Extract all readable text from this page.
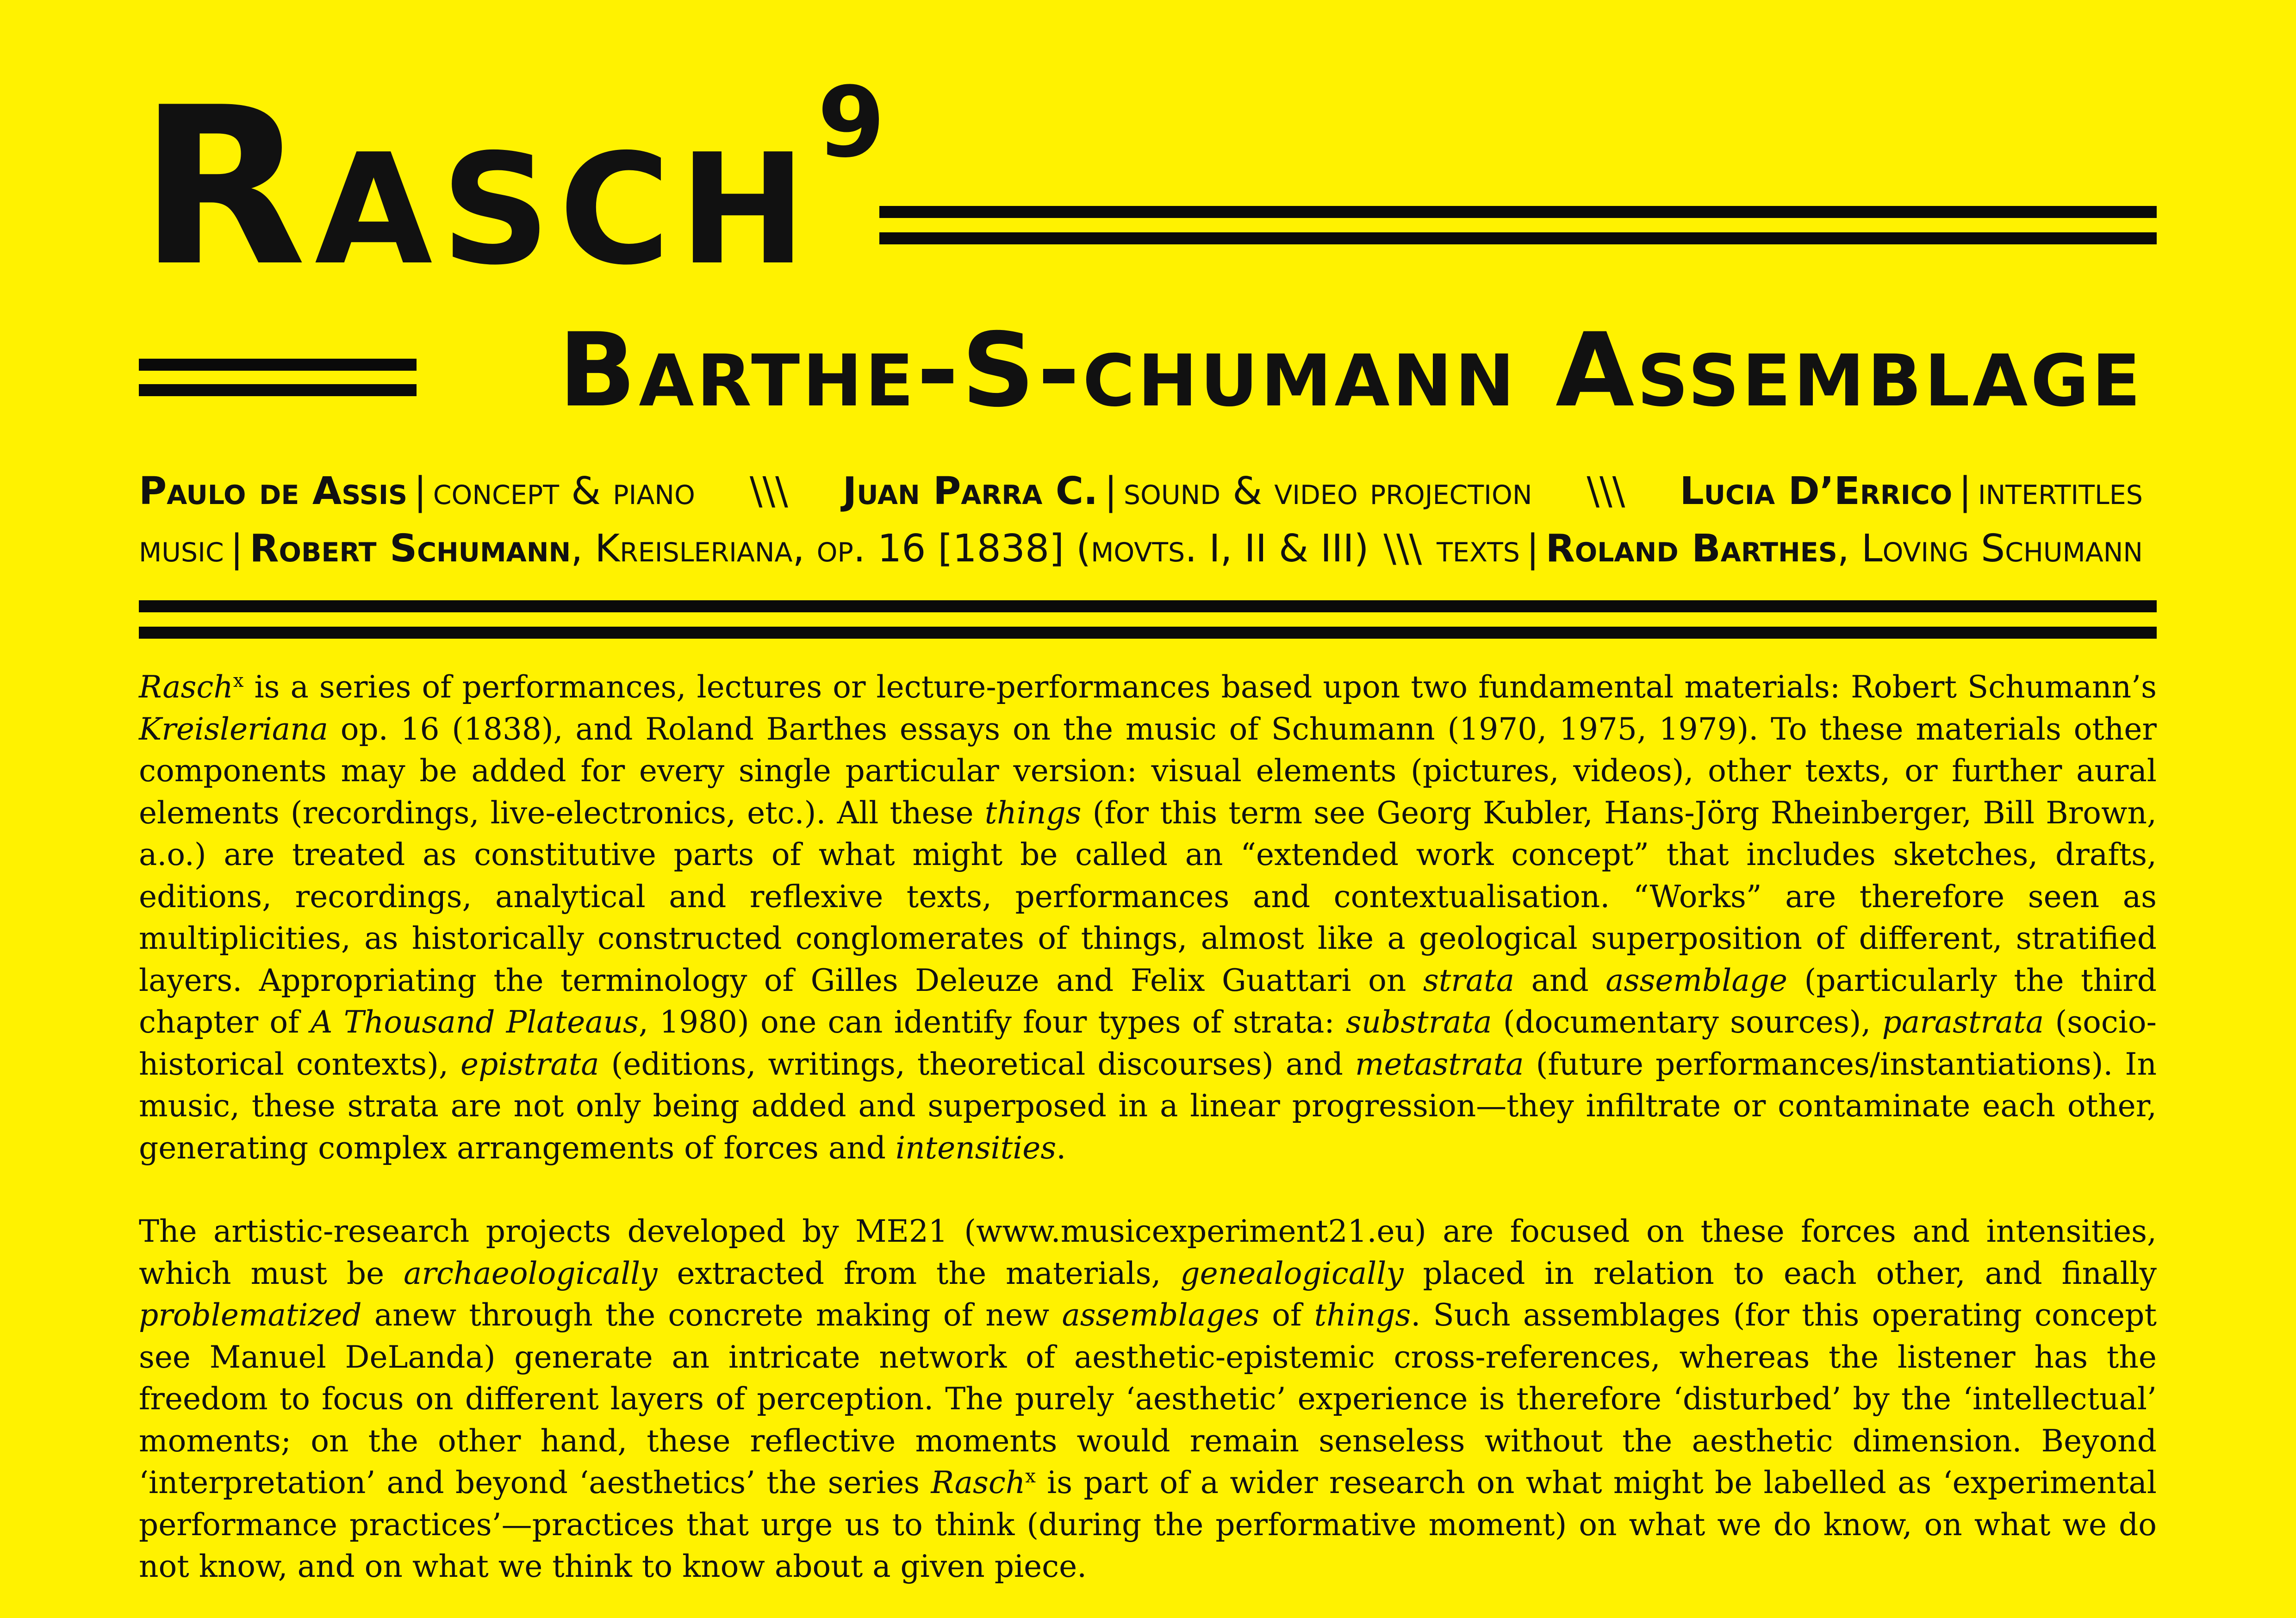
Rasch$^9$
Barthe-S-chumann Assemblage
Paulo de Assis | concept & piano \\\ Juan Parra C. | sound & video projection \\\ Lucia D’Errico | intertitles
music | Robert Schumann, Kreisleriana, op. 16 [1838] (movts. I, II & III) \\\ texts | Roland Barthes, Loving Schumann

Rasch$^x$ is a series of performances, lectures or lecture-performances based upon two fundamental materials: Robert Schumann’s Kreisleriana op. 16 (1838), and Roland Barthes essays on the music of Schumann (1970, 1975, 1979). To these materials other components may be added for every single particular version: visual elements (pictures, videos), other texts, or further aural elements (recordings, live-electronics, etc.). All these things (for this term see Georg Kubler, Hans-Jörg Rheinberger, Bill Brown, a.o.) are treated as constitutive parts of what might be called an “extended work concept” that includes sketches, drafts, editions, recordings, analytical and reflexive texts, performances and contextualisation. “Works” are therefore seen as multiplicities, as historically constructed conglomerates of things, almost like a geological superposition of different, stratified layers. Appropriating the terminology of Gilles Deleuze and Felix Guattari on strata and assemblage (particularly the third chapter of A Thousand Plateaus, 1980) one can identify four types of strata: substrata (documentary sources), parastrata (socio-historical contexts), epistrata (editions, writings, theoretical discourses) and metastrata (future performances/instantiations). In music, these strata are not only being added and superposed in a linear progression—they infiltrate or contaminate each other, generating complex arrangements of forces and intensities.

The artistic-research projects developed by ME21 (www.musicexperiment21.eu) are focused on these forces and intensities, which must be archaeologically extracted from the materials, genealogically placed in relation to each other, and finally problematized anew through the concrete making of new assemblages of things. Such assemblages (for this operating concept see Manuel DeLanda) generate an intricate network of aesthetic-epistemic cross-references, whereas the listener has the freedom to focus on different layers of perception. The purely ‘aesthetic’ experience is therefore ‘disturbed’ by the ‘intellectual’ moments; on the other hand, these reflective moments would remain senseless without the aesthetic dimension. Beyond ‘interpretation’ and beyond ‘aesthetics’ the series Rasch$^x$ is part of a wider research on what might be labelled as ‘experimental performance practices’—practices that urge us to think (during the performative moment) on what we do know, on what we do not know, and on what we think to know about a given piece.
